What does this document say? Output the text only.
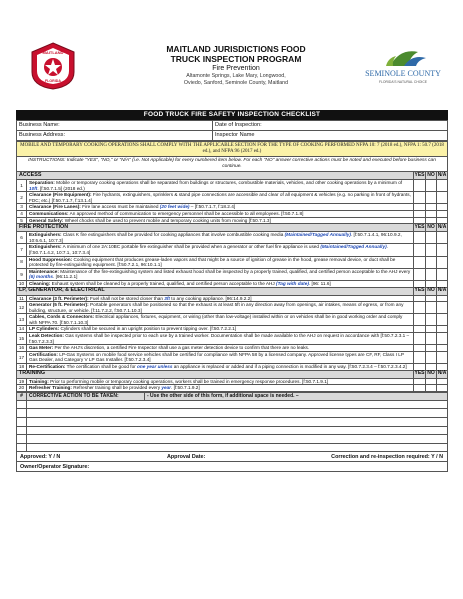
MAITLAND
FLORIDA
MAITLAND JURISDICTIONS FOOD
TRUCK INSPECTION PROGRAM
Fire Prevention
Altamonte Springs, Lake Mary, Longwood,
Oviedo, Sanford, Seminole County, Maitland
SEMINOLE COUNTY
FLORIDA'S NATURAL CHOICE
FOOD TRUCK FIRE SAFETY INSPECTION CHECKLIST
Business Name:	Date of Inspection:
Business Address:	Inspector Name
MOBILE AND TEMPORARY COOKING OPERATIONS SHALL COMPLY WITH THE APPLICABLE SECTION FOR THE TYPE OF COOKING PERFORMED NFPA 10: 7 (2018 ed.), NFPA 1: 50.7 (2018 ed.), and NFPA 96 (2017 ed.)
INSTRUCTIONS: Indicate "YES", "NO," or "N/A" (i.e. Not Applicable) for every numbered item below. For each "NO" answer corrective actions must be noted and executed before business can continue.
ACCESS		YES	NO	N/A
1	Separation: Mobile or temporary cooking operations shall be separated from buildings or structures, combustible materials, vehicles, and other cooking operations by a minimum of 10ft. [f:50.7.1.5] (2018 ed.)			
2	Clearance (Fire Equipment): Fire hydrants, extinguishers, sprinklers & stand pipe connections are accessible and clear of all equipment & vehicles (e.g. no parking in front of hydrants, FDC; etc.) [f:50.7.1.7, f:13.1.4]			
3	Clearance (Fire Lanes): Fire lane access must be maintained (20 feet wide) – [f:50.7.1.7, f:18.2.4]			
4	Communications: An approved method of communication to emergency personnel shall be accessible to all employees. [f:50.7.1.8]			
5	General Safety: Wheel chocks shall be used to prevent mobile and temporary cooking units from moving [f:50.7.1.3]			
FIRE PROTECTION		YES	NO	N/A
6	Extinguishers: Class K fire extinguishers shall be provided for cooking appliances that involve combustible cooking media (Maintained/Tagged Annually). [f:50.7.1.4.1, 96:10.9.2, 10:6.6.1, 10:7.3]			
7	Extinguishers: A minimum of one 2A:10BC portable fire extinguisher shall be provided when a generator or other fuel fire appliance is used (Maintained/Tagged Annually). [f:50.7.1.4.2, 10:7.1, 10:7.3.4]			
8	Hood Suppression: Cooking equipment that produces grease-laden vapors and that might be a source of ignition of grease in the hood, grease removal device, or duct shall be protected by fire-extinguishing equipment. [f:50.7.2.1, 96:10.1.1]			
9	Maintenance: Maintenance of the fire-extinguishing system and listed exhaust hood shall be inspected by a properly trained, qualified, and certified person acceptable to the AHJ every (6) months. [96:11.2.1]			
10	Cleaning: Exhaust system shall be cleaned by a properly trained, qualified, and certified person acceptable to the AHJ (Tag with date). [96: 11.6]			
LP, GENERATOR, & ELECTRICAL		YES	NO	N/A
11	Clearance (3 ft. Perimeter): Fuel shall not be stored closer than 3ft to any cooking appliance. [96:14.9.2.2]			
12	Generator (5 ft. Perimeter): Portable generators shall be positioned so that the exhaust is at least 5ft in any direction away from openings, air intakes, means of egress, or from any building, structure, or vehicle. [f:11.7.2.2, f:50.7.1.10.3]			
13	Cables, Cords & Connectors: Electrical appliances, fixtures, equipment, or wiring (other than low-voltage) installed within or on vehicles shall be in good working order and comply with NFPA 70. [f:50.7.1.10.3]			
14	LP Cylinders: Cylinders shall be secured in an upright position to prevent tipping over. [f:50.7.2.2.1]			
15	Leak Detection: Gas systems shall be inspected prior to each use by a trained worker. Documentation shall be made available to the AHJ on request in accordance with [f:50.7.2.3.1 – f:50.7.2.3.3]			
16	Gas Meter: Per the AHJ's discretion, a certified Fire Inspector shall use a gas meter detection device to confirm that there are no leaks.			
17	Certification: LP-Gas Systems on mobile food service vehicles shall be certified for compliance with NFPA 58 by a licensed company. Approved license types are CF, RF, Class I LP Gas Dealer, and Category V LP Gas Installer. [f:50.7.2.3.4]			
18	Re-Certification: The certification shall be good for one year unless an appliance is replaced or added and if a piping connection is modified in any way. [f:50.7.2.3.4 – f:50.7.2.3.4.2]			
TRAINING		YES	NO	N/A
19	Training: Prior to performing mobile or temporary cooking operations, workers shall be trained in emergency response procedures. [f:50.7.1.9.1]			
20	Refresher Training: Refresher training shall be provided every year. [f:50.7.1.9.2]			
#	CORRECTIVE ACTION TO BE TAKEN:	- Use the other side of this form, if additional space is needed. –

Approved: Y / N	Approval Date:	Correction and re-inspection required: Y / N
Owner/Operator Signature:
